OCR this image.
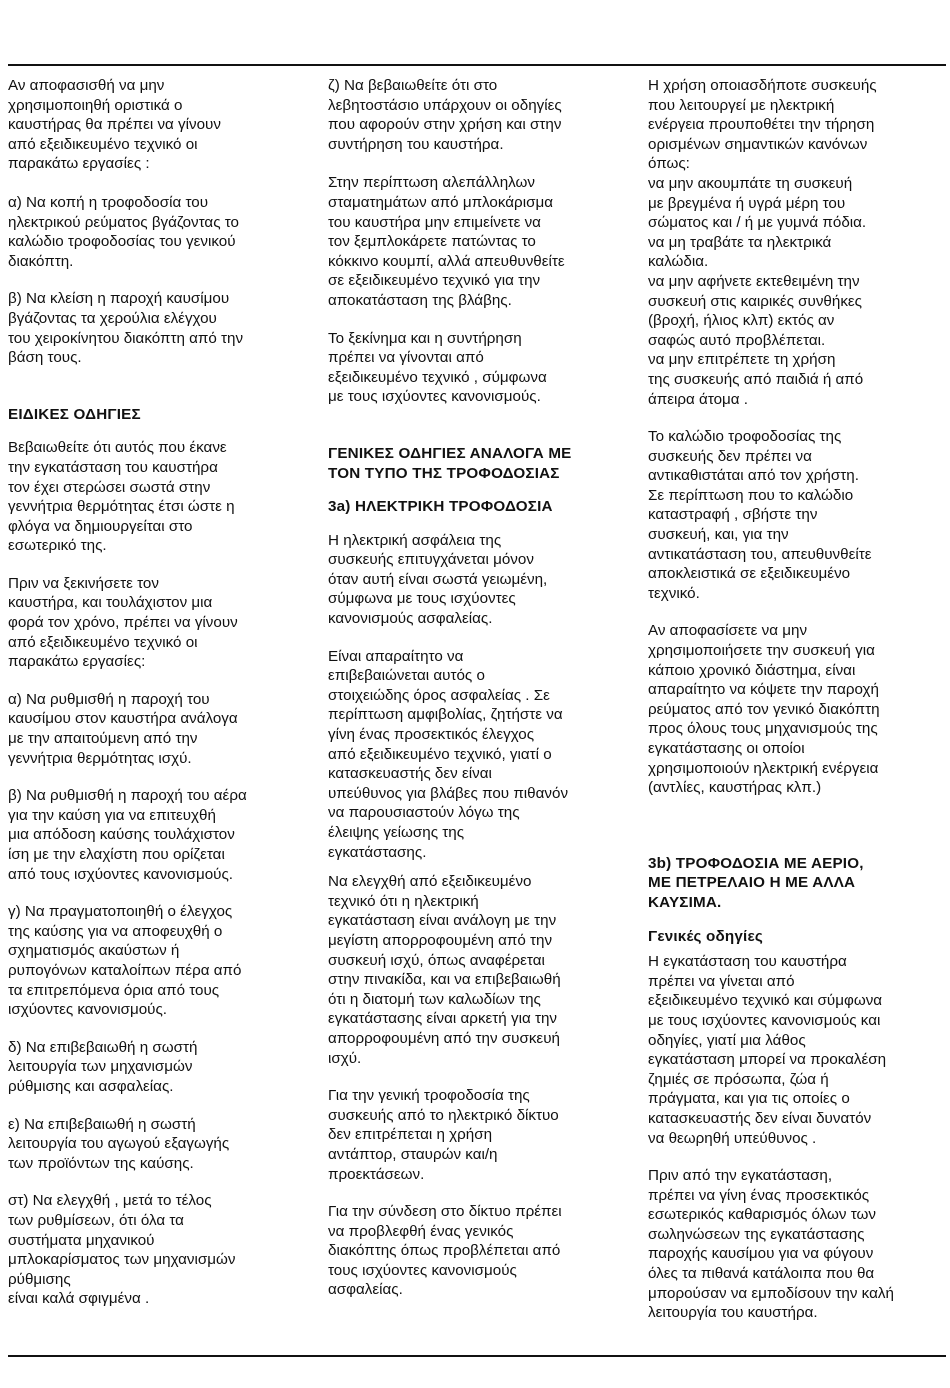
Αν αποφασισθή να μην
χρησιμοποιηθή οριστικά ο
καυστήρας θα πρέπει να γίνουν
από εξειδικευμένο τεχνικό οι
παρακάτω εργασίες :

α) Να κοπή η τροφοδοσία του
ηλεκτρικού ρεύματος βγάζοντας το
καλώδιο τροφοδοσίας του γενικού
διακόπτη.

β) Να κλείση η παροχή καυσίμου
βγάζοντας τα χερούλια ελέγχου
του χειροκίνητου διακόπτη από την
βάση τους.

ΕΙΔΙΚΕΣ ΟΔΗΓΙΕΣ

Βεβαιωθείτε ότι αυτός που έκανε
την εγκατάσταση του καυστήρα
τον έχει στερώσει σωστά στην
γεννήτρια θερμότητας έτσι ώστε η
φλόγα να δημιουργείται στο
εσωτερικό της.

Πριν να ξεκινήσετε τον
καυστήρα, και τουλάχιστον μια
φορά τον χρόνο, πρέπει να γίνουν
από εξειδικευμένο τεχνικό οι
παρακάτω εργασίες:

α) Να ρυθμισθή η παροχή του
καυσίμου στον καυστήρα ανάλογα
με την απαιτούμενη από την
γεννήτρια θερμότητας ισχύ.

β) Να ρυθμισθή η παροχή του αέρα
για την καύση για να επιτευχθή
μια απόδοση καύσης τουλάχιστον
ίση με την ελαχίστη που ορίζεται
από τους ισχύοντες κανονισμούς.

γ) Να πραγματοποιηθή ο έλεγχος
της καύσης για να αποφευχθή ο
σχηματισμός ακαύστων ή
ρυπογόνων καταλοίπων πέρα από
τα επιτρεπόμενα όρια από τους
ισχύοντες κανονισμούς.

δ) Να επιβεβαιωθή η σωστή
λειτουργία των μηχανισμών
ρύθμισης και ασφαλείας.

ε) Να επιβεβαιωθή η σωστή
λειτουργία του αγωγού εξαγωγής
των προϊόντων της καύσης.

στ) Να ελεγχθή , μετά το τέλος
των ρυθμίσεων, ότι όλα τα
συστήματα μηχανικού
μπλοκαρίσματος των μηχανισμών
ρύθμισης
είναι καλά σφιγμένα .

ζ) Να βεβαιωθείτε ότι στο
λεβητοστάσιο υπάρχουν οι οδηγίες
που αφορούν στην χρήση και στην
συντήρηση του καυστήρα.

Στην περίπτωση αλεπάλληλων
σταματημάτων από μπλοκάρισμα
του καυστήρα μην επιμείνετε να
τον ξεμπλοκάρετε πατώντας το
κόκκινο κουμπί, αλλά απευθυνθείτε
σε εξειδικευμένο τεχνικό για την
αποκατάσταση της βλάβης.

Το ξεκίνημα και η συντήρηση
πρέπει να γίνονται από
εξειδικευμένο τεχνικό , σύμφωνα
με τους ισχύοντες κανονισμούς.

ΓΕΝΙΚΕΣ ΟΔΗΓΙΕΣ ΑΝΑΛΟΓΑ ΜΕ
ΤΟΝ ΤΥΠΟ ΤΗΣ ΤΡΟΦΟΔΟΣΙΑΣ

3a) ΗΛΕΚΤΡΙΚΗ ΤΡΟΦΟΔΟΣΙΑ

Η ηλεκτρική ασφάλεια της
συσκευής επιτυγχάνεται μόνον
όταν αυτή είναι σωστά γειωμένη,
σύμφωνα με τους ισχύοντες
κανονισμούς ασφαλείας.

Είναι απαραίτητο να
επιβεβαιώνεται αυτός ο
στοιχειώδης όρος ασφαλείας . Σε
περίπτωση αμφιβολίας, ζητήστε να
γίνη ένας προσεκτικός έλεγχος
από εξειδικευμένο τεχνικό, γιατί ο
κατασκευαστής δεν είναι
υπεύθυνος για βλάβες που πιθανόν
να παρουσιαστούν λόγω της
έλειψης γείωσης της
εγκατάστασης.

Να ελεγχθή από εξειδικευμένο
τεχνικό ότι η ηλεκτρική
εγκατάσταση είναι ανάλογη με την
μεγίστη απορροφουμένη από την
συσκευή ισχύ, όπως αναφέρεται
στην πινακίδα, και να επιβεβαιωθή
ότι η διατομή των καλωδίων της
εγκατάστασης είναι αρκετή για την
απορροφουμένη από την συσκευή
ισχύ.

Για την γενική τροφοδοσία της
συσκευής από το ηλεκτρικό δίκτυο
δεν επιτρέπεται η χρήση
αντάπτορ, σταυρών και/η
προεκτάσεων.

Για την σύνδεση στο δίκτυο πρέπει
να προβλεφθή ένας γενικός
διακόπτης όπως προβλέπεται από
τους ισχύοντες κανονισμούς
ασφαλείας.

Η χρήση οποιασδήποτε συσκευής
που λειτουργεί με ηλεκτρική
ενέργεια προυποθέτει την τήρηση
ορισμένων σημαντικών κανόνων
όπως:
να μην ακουμπάτε τη συσκευή
με βρεγμένα ή υγρά μέρη του
σώματος και / ή με γυμνά πόδια.
να μη τραβάτε τα ηλεκτρικά
καλώδια.
να μην αφήνετε εκτεθειμένη την
συσκευή στις καιρικές συνθήκες
(βροχή, ήλιος κλπ) εκτός αν
σαφώς αυτό προβλέπεται.
να μην επιτρέπετε τη χρήση
της συσκευής από παιδιά ή από
άπειρα άτομα .

Το καλώδιο τροφοδοσίας της
συσκευής δεν πρέπει να
αντικαθιστάται από τον χρήστη.
Σε περίπτωση που το καλώδιο
καταστραφή , σβήστε την
συσκευή, και, για την
αντικατάσταση του, απευθυνθείτε
αποκλειστικά σε εξειδικευμένο
τεχνικό.

Αν αποφασίσετε να μην
χρησιμοποιήσετε την συσκευή για
κάποιο χρονικό διάστημα, είναι
απαραίτητο να κόψετε την παροχή
ρεύματος από τον γενικό διακόπτη
προς όλους τους μηχανισμούς της
εγκατάστασης οι οποίοι
χρησιμοποιούν ηλεκτρική ενέργεια
(αντλίες, καυστήρας κλπ.)

3b) ΤΡΟΦΟΔΟΣΙΑ ΜΕ ΑΕΡΙΟ,
ΜΕ ΠΕΤΡΕΛΑΙΟ Η ΜΕ ΑΛΛΑ
ΚΑΥΣΙΜΑ.

Γενικές οδηγίες

Η εγκατάσταση του καυστήρα
πρέπει να γίνεται από
εξειδικευμένο τεχνικό και σύμφωνα
με τους ισχύοντες κανονισμούς και
οδηγίες, γιατί μια λάθος
εγκατάσταση μπορεί να προκαλέση
ζημιές σε πρόσωπα, ζώα ή
πράγματα, και για τις οποίες ο
κατασκευαστής δεν είναι δυνατόν
να θεωρηθή υπεύθυνος .

Πριν από την εγκατάσταση,
πρέπει να γίνη ένας προσεκτικός
εσωτερικός καθαρισμός όλων των
σωληνώσεων της εγκατάστασης
παροχής καυσίμου για να φύγουν
όλες τα πιθανά κατάλοιπα που θα
μπορούσαν να εμποδίσουν την καλή
λειτουργία του καυστήρα.
